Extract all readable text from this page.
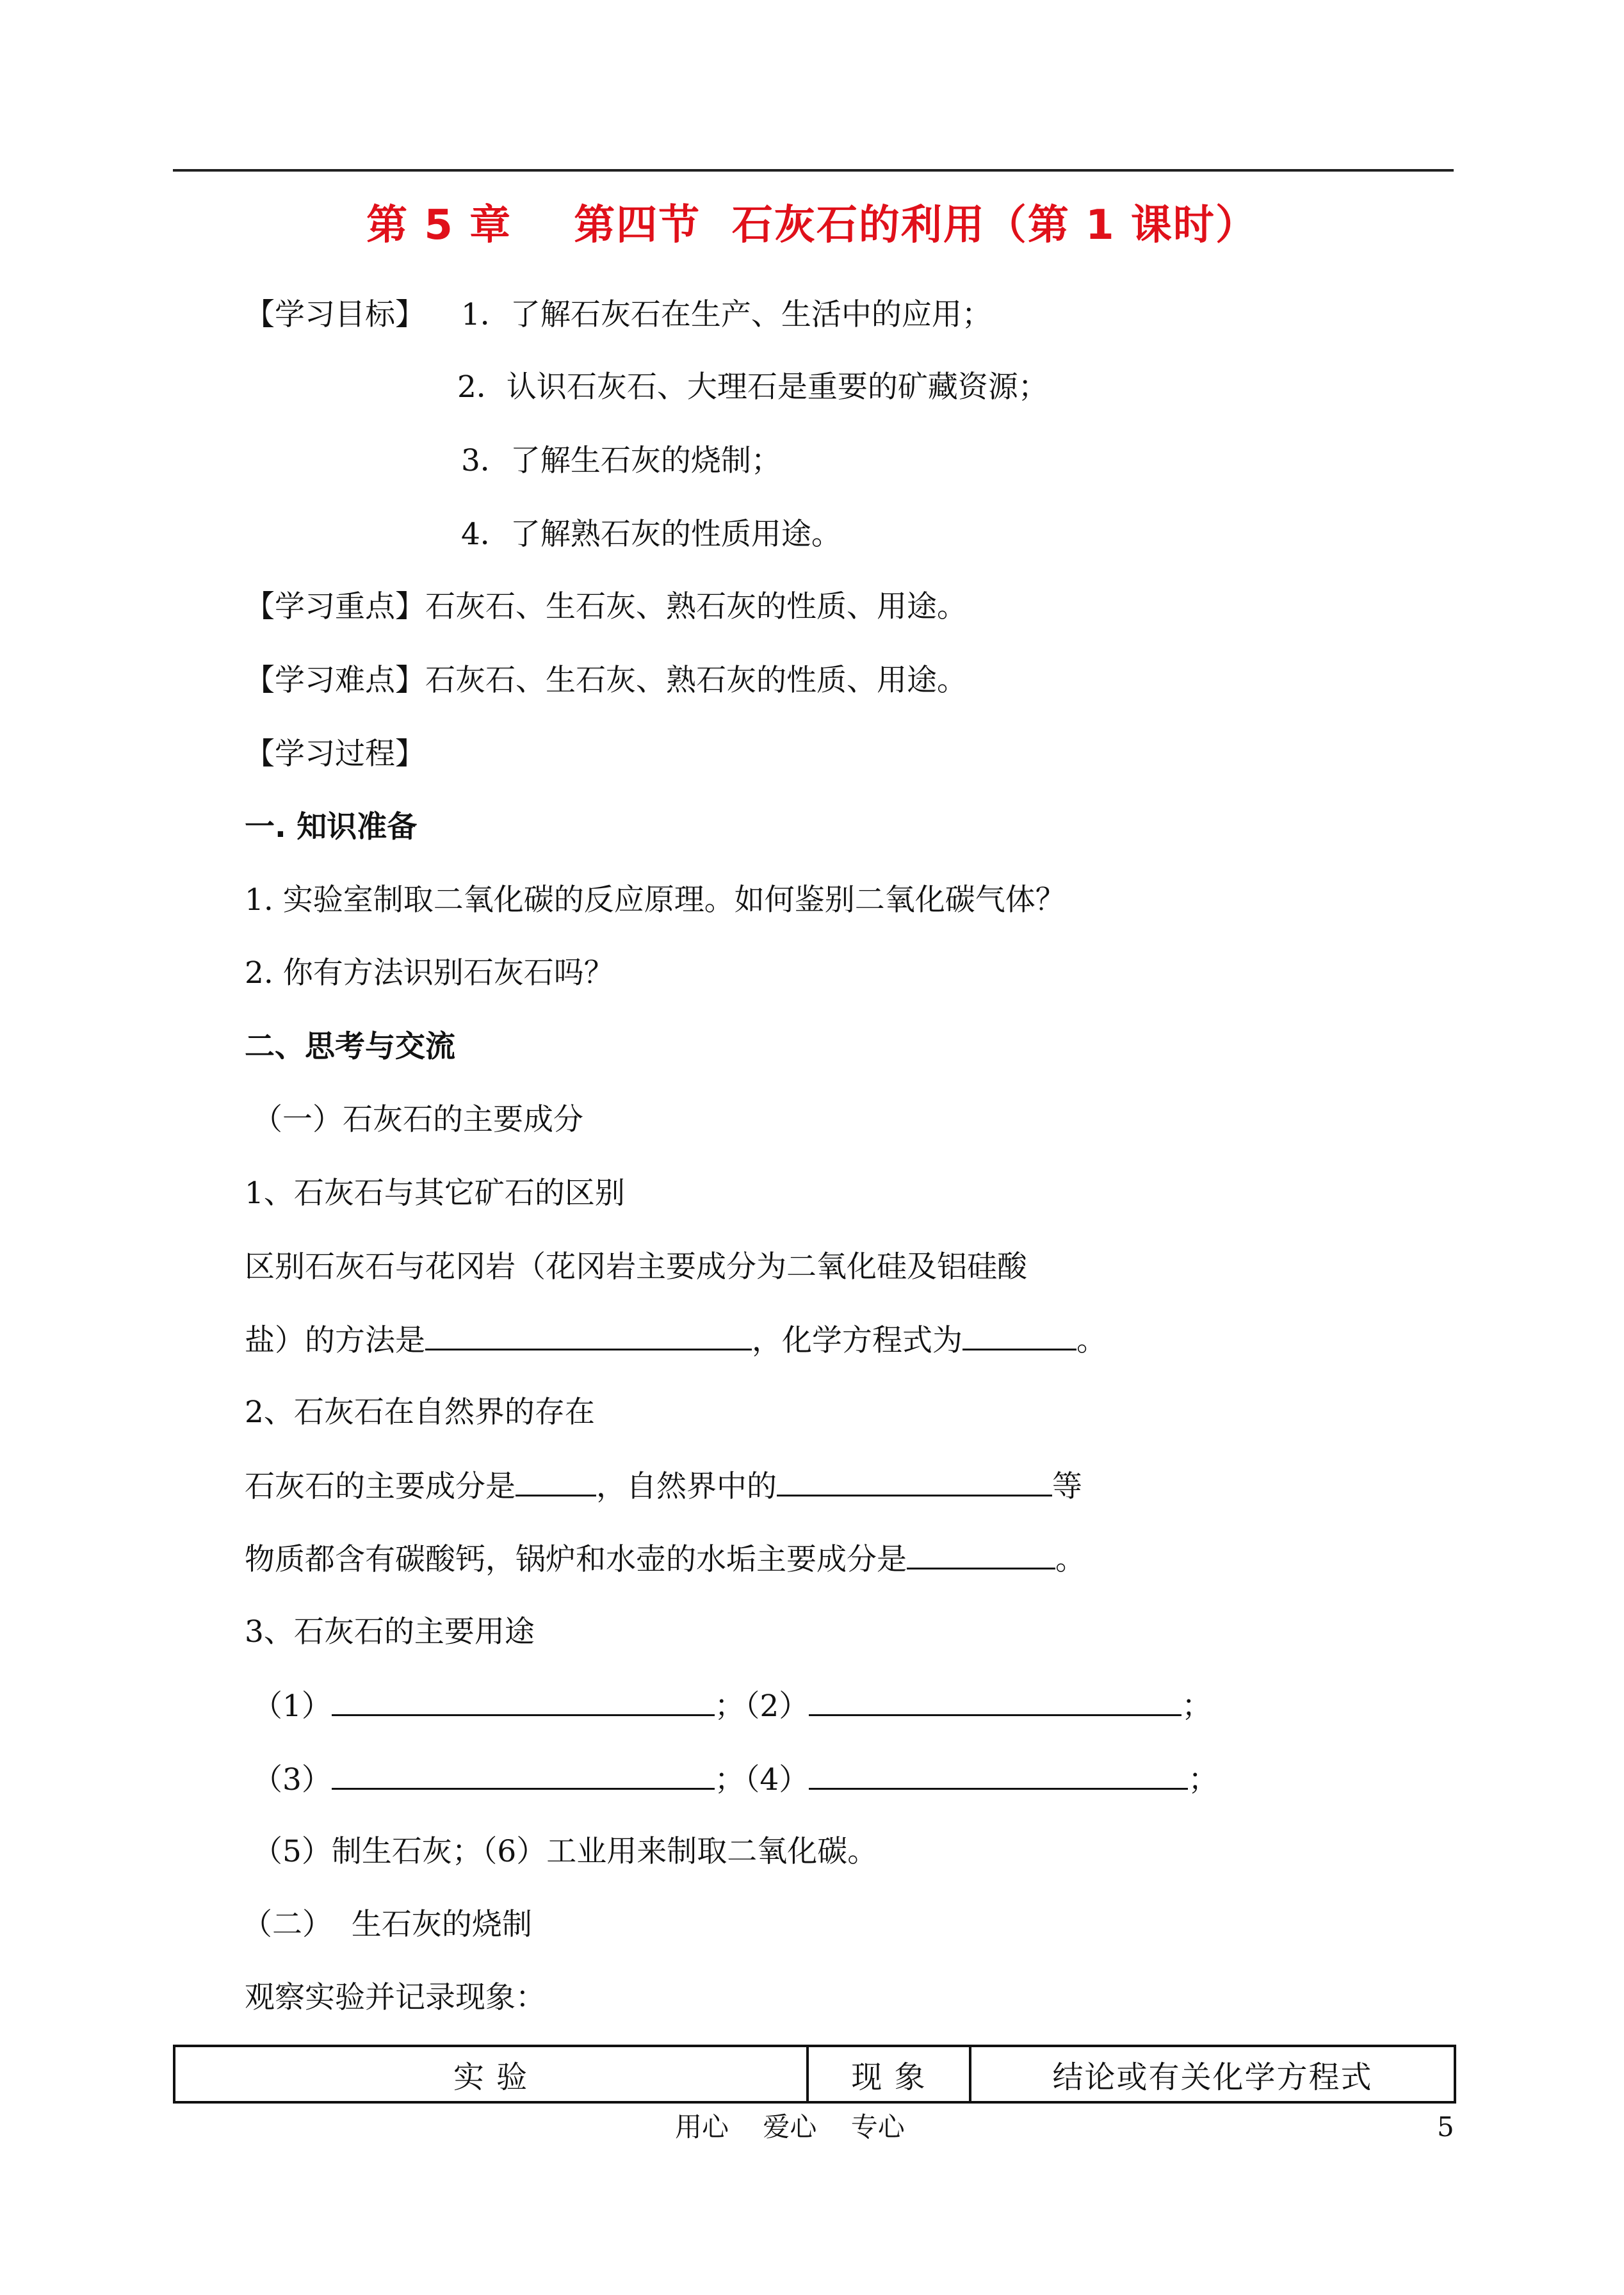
第 5 章    第四节  石灰石的利用（第 1 课时）
【学习目标】 1．了解石灰石在生产、生活中的应用；
2．认识石灰石、大理石是重要的矿藏资源；
3．了解生石灰的烧制；
4．了解熟石灰的性质用途。
【学习重点】石灰石、生石灰、熟石灰的性质、用途。
【学习难点】石灰石、生石灰、熟石灰的性质、用途。
【学习过程】
一. 知识准备
1. 实验室制取二氧化碳的反应原理。如何鉴别二氧化碳气体？
2. 你有方法识别石灰石吗？
二、思考与交流
（一）石灰石的主要成分
1、石灰石与其它矿石的区别
区别石灰石与花冈岩（花冈岩主要成分为二氧化硅及铝硅酸
盐）的方法是	，化学方程式为	。
2、石灰石在自然界的存在
石灰石的主要成分是	，自然界中的	等
物质都含有碳酸钙，锅炉和水壶的水垢主要成分是	。
3、石灰石的主要用途
（1）	；（2）	；
（3）	；（4）	；
（5）制生石灰；（6）工业用来制取二氧化碳。
（二）  生石灰的烧制
观察实验并记录现象：
实 验	现 象	结论或有关化学方程式
用心    爱心    专心	5
